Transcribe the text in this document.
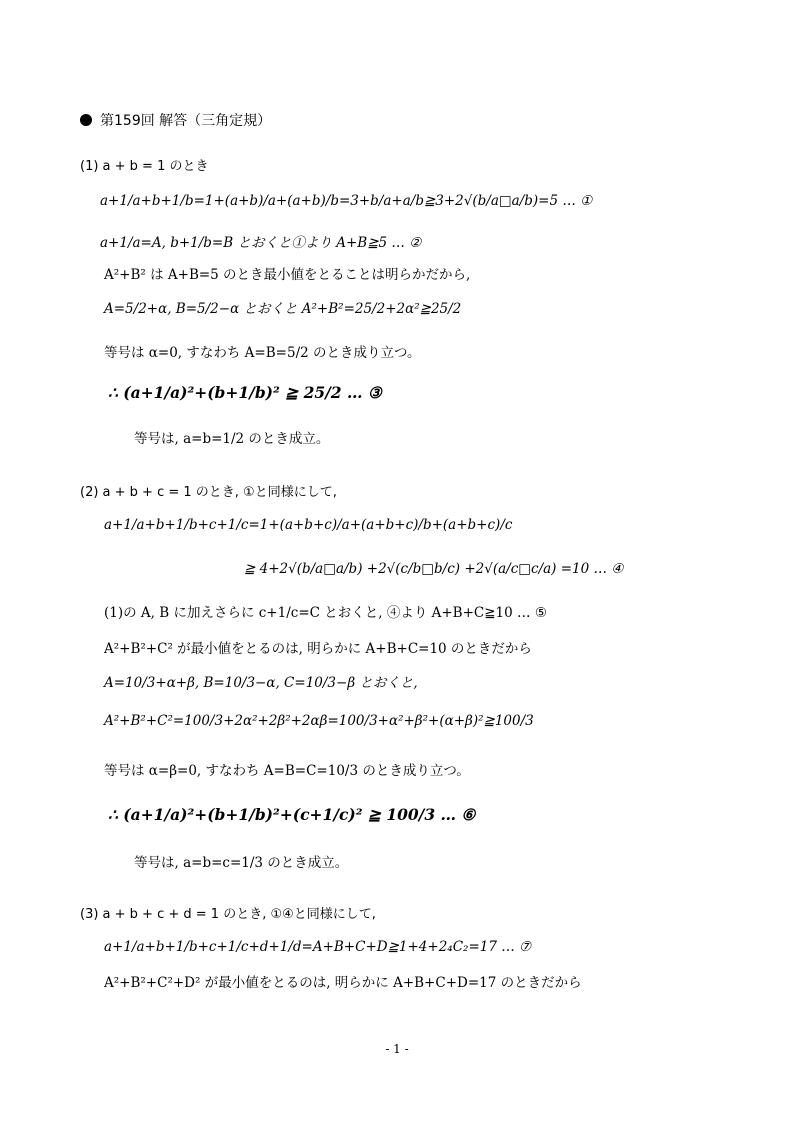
第159回 解答（三角定規）
(1) a + b = 1 のとき
a+1/a+b+1/b=1+(a+b)/a+(a+b)/b=3+b/a+a/b≧3+2√(b/a□a/b)=5 … ①
a+1/a=A, b+1/b=B とおくと①より A+B≧5 … ②
A²+B² は A+B=5 のとき最小値をとることは明らかだから,
A=5/2+α, B=5/2−α とおくと A²+B²=25/2+2α²≧25/2
等号は α=0, すなわち A=B=5/2 のとき成り立つ。
∴ (a+1/a)²+(b+1/b)² ≧ 25/2 … ③
等号は, a=b=1/2 のとき成立。
(2) a + b + c = 1 のとき, ①と同様にして,
a+1/a+b+1/b+c+1/c=1+(a+b+c)/a+(a+b+c)/b+(a+b+c)/c
≧ 4+2√(b/a□a/b) +2√(c/b□b/c) +2√(a/c□c/a) =10 … ④
(1)の A, B に加えさらに c+1/c=C とおくと, ④より A+B+C≧10 … ⑤
A²+B²+C² が最小値をとるのは, 明らかに A+B+C=10 のときだから
A=10/3+α+β, B=10/3−α, C=10/3−β とおくと,
A²+B²+C²=100/3+2α²+2β²+2αβ=100/3+α²+β²+(α+β)²≧100/3
等号は α=β=0, すなわち A=B=C=10/3 のとき成り立つ。
∴ (a+1/a)²+(b+1/b)²+(c+1/c)² ≧ 100/3 … ⑥
等号は, a=b=c=1/3 のとき成立。
(3) a + b + c + d = 1 のとき, ①④と同様にして,
a+1/a+b+1/b+c+1/c+d+1/d=A+B+C+D≧1+4+2₄C₂=17 … ⑦
A²+B²+C²+D² が最小値をとるのは, 明らかに A+B+C+D=17 のときだから
- 1 -
